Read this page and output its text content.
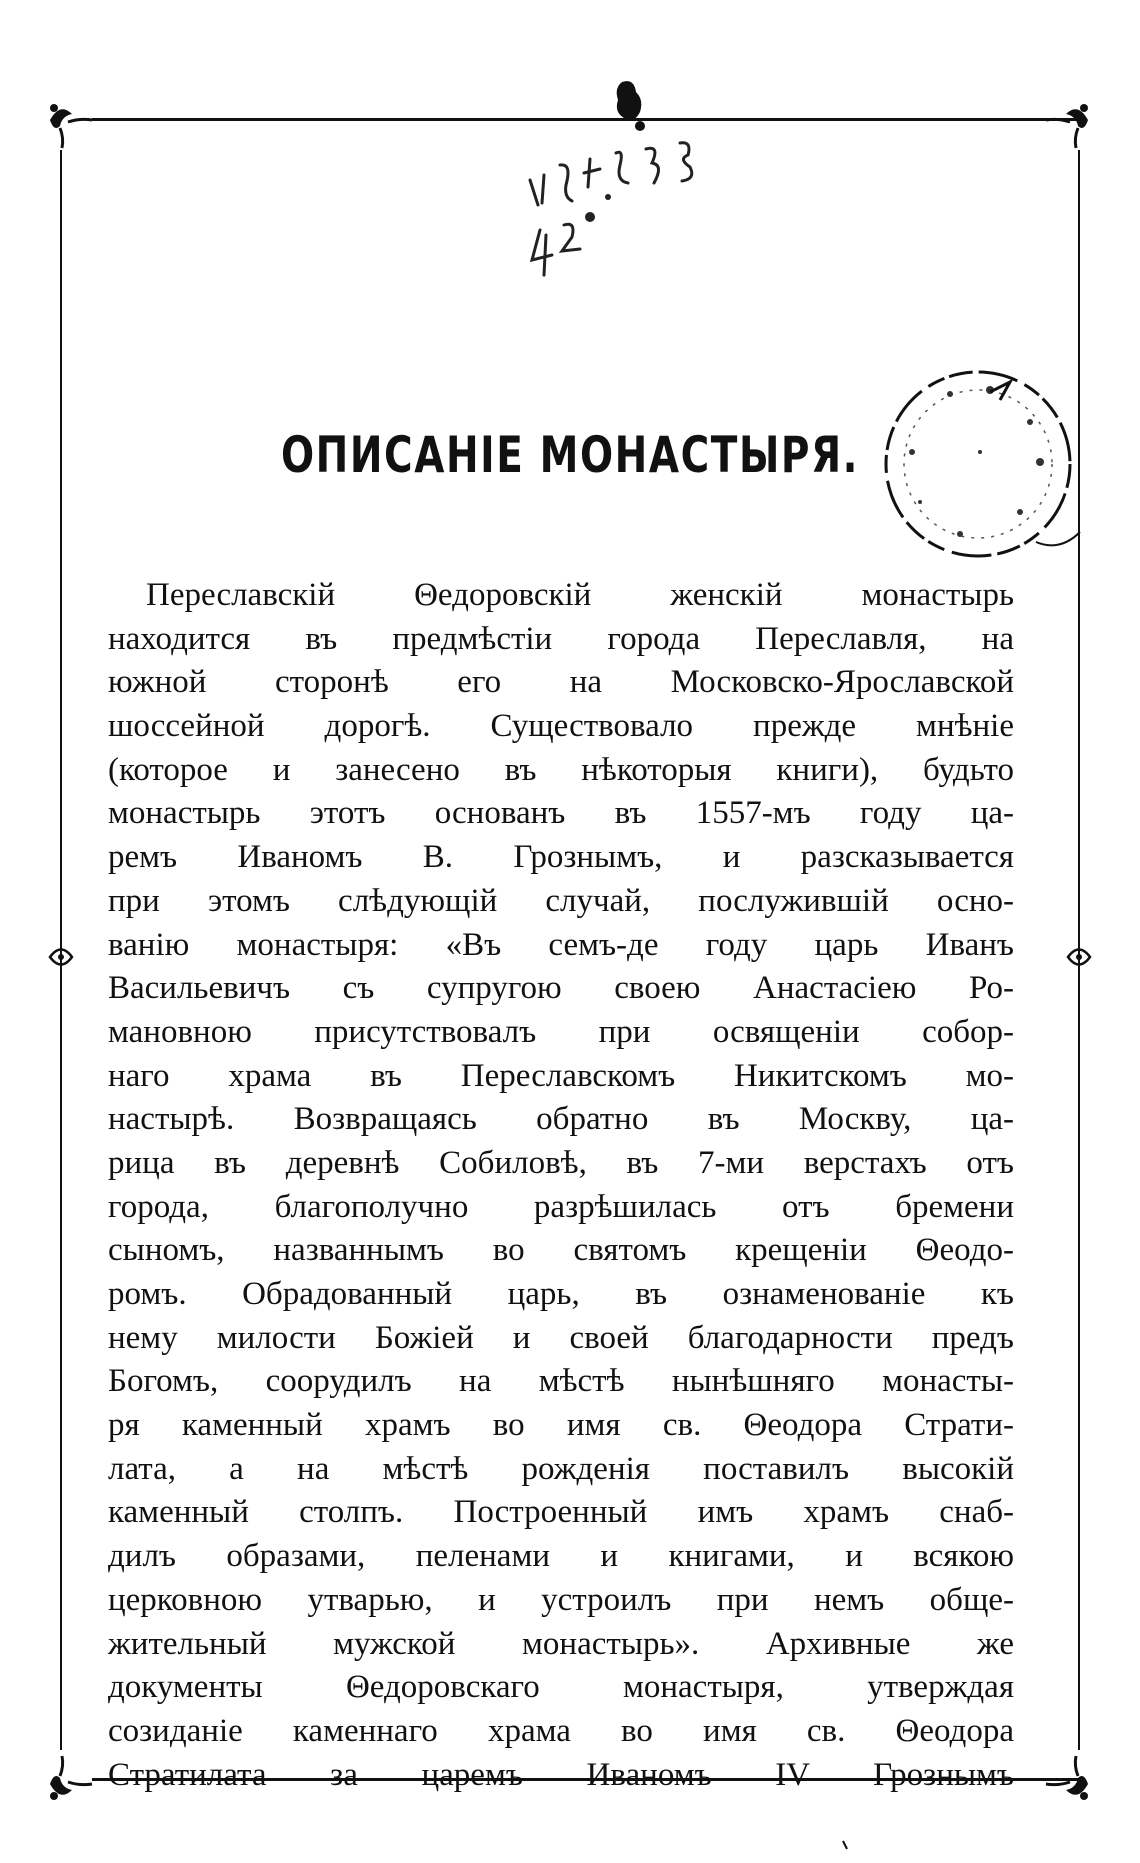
ОПИСАНІЕ МОНАСТЫРЯ.
Переславскій Θедоровскій женскій монастырь
находится въ предмѣстіи города Переславля, на
южной сторонѣ его на Московско-Ярославской
шоссейной дорогѣ. Существовало прежде мнѣніе
(которое и занесено въ нѣкоторыя книги), будьто
монастырь этотъ основанъ въ 1557-мъ году ца-
ремъ Иваномъ В. Грознымъ, и разсказывается
при этомъ слѣдующій случай, послужившій осно-
ванію монастыря: «Въ семъ-де году царь Иванъ
Васильевичъ съ супругою своею Анастасіею Ро-
мановною присутствовалъ при освященіи собор-
наго храма въ Переславскомъ Никитскомъ мо-
настырѣ. Возвращаясь обратно въ Москву, ца-
рица въ деревнѣ Собиловѣ, въ 7-ми верстахъ отъ
города, благополучно разрѣшилась отъ бремени
сыномъ, названнымъ во святомъ крещеніи Θеодо-
ромъ. Обрадованный царь, въ ознаменованіе къ
нему милости Божіей и своей благодарности предъ
Богомъ, соорудилъ на мѣстѣ нынѣшняго монасты-
ря каменный храмъ во имя св. Θеодора Страти-
лата, а на мѣстѣ рожденія поставилъ высокій
каменный столпъ. Построенный имъ храмъ снаб-
дилъ образами, пеленами и книгами, и всякою
церковною утварью, и устроилъ при немъ обще-
жительный мужской монастырь». Архивные же
документы Θедоровскаго монастыря, утверждая
созиданіе каменнаго храма во имя св. Θеодора
Стратилата за царемъ Иваномъ IV Грознымъ
